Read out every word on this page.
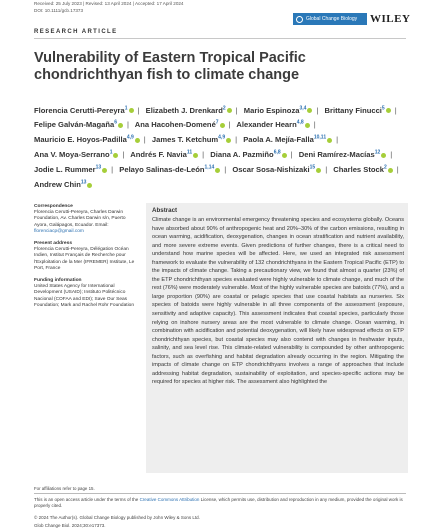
Received: 25 July 2023 | Revised: 13 April 2024 | Accepted: 17 April 2024
DOI: 10.1111/gcb.17373
Global Change Biology WILEY
RESEARCH ARTICLE
Vulnerability of Eastern Tropical Pacific chondrichthyan fish to climate change
Florencia Cerutti-Pereyra$^1$ | Elizabeth J. Drenkard$^2$ | Mario Espinoza$^{3,4}$ | Brittany Finucci$^5$ | Felipe Galván-Magaña$^6$ | Ana Hacohen-Domené$^7$ | Alexander Hearn$^{4,8}$ | Mauricio E. Hoyos-Padilla$^{4,9}$ | James T. Ketchum$^{4,9}$ | Paola A. Mejía-Falla$^{10,11}$ | Ana V. Moya-Serrano$^1$ | Andrés F. Navia$^{11}$ | Diana A. Pazmiño$^{6,8}$ | Deni Ramírez-Macías$^{12}$ | Jodie L. Rummer$^{13}$ | Pelayo Salinas-de-León$^{1,14}$ | Oscar Sosa-Nishizaki$^{15}$ | Charles Stock$^2$ | Andrew Chin$^{13}$
Correspondence

Florencia Cerutti-Pereyra, Charles Darwin Foundation, Av. Charles Darwin s/n, Puerto Ayora, Galápagos, Ecuador. Email: florenciacp@gmail.com

Present address

Florencia Cerutti-Pereyra, Délégation Océan Indien, Institut Français de Recherche pour l'Exploitation de la Mer (IFREMER) Institute, Le Port, France

Funding information

United States Agency for International Development (USAID); Instituto Politécnico Nacional (COFAA and EDI); Save Our Seas Foundation; Mark and Rachel Rohr Foundation

Abstract

Climate change is an environmental emergency threatening species and ecosystems globally. Oceans have absorbed about 90% of anthropogenic heat and 20%–30% of the carbon emissions, resulting in ocean warming, acidification, deoxygenation, changes in ocean stratification and nutrient availability, and more severe extreme events. Given predictions of further changes, there is a critical need to understand how marine species will be affected. Here, we used an integrated risk assessment framework to evaluate the vulnerability of 132 chondrichthyans in the Eastern Tropical Pacific (ETP) to the impacts of climate change. Taking a precautionary view, we found that almost a quarter (23%) of the ETP chondrichthyan species evaluated were highly vulnerable to climate change, and much of the rest (76%) were moderately vulnerable. Most of the highly vulnerable species are batoids (77%), and a large proportion (90%) are coastal or pelagic species that use coastal habitats as nurseries. Six species of batoids were highly vulnerable in all three components of the assessment (exposure, sensitivity and adaptive capacity). This assessment indicates that coastal species, particularly those relying on inshore nursery areas are the most vulnerable to climate change. Ocean warming, in combination with acidification and potential deoxygenation, will likely have widespread effects on ETP chondrichthyan species, but coastal species may also contend with changes in freshwater inputs, salinity, and sea level rise. This climate-related vulnerability is compounded by other anthropogenic factors, such as overfishing and habitat degradation already occurring in the region. Mitigating the impacts of climate change on ETP chondrichthyans involves a range of approaches that include addressing habitat degradation, sustainability of exploitation, and species-specific actions may be required for species at higher risk. The assessment also highlighted the

For affiliations refer to page 15.

This is an open access article under the terms of the Creative Commons Attribution License, which permits use, distribution and reproduction in any medium, provided the original work is properly cited.

© 2024 The Author(s). Global Change Biology published by John Wiley & Sons Ltd.
Glob Change Biol. 2024;30:e17373.
